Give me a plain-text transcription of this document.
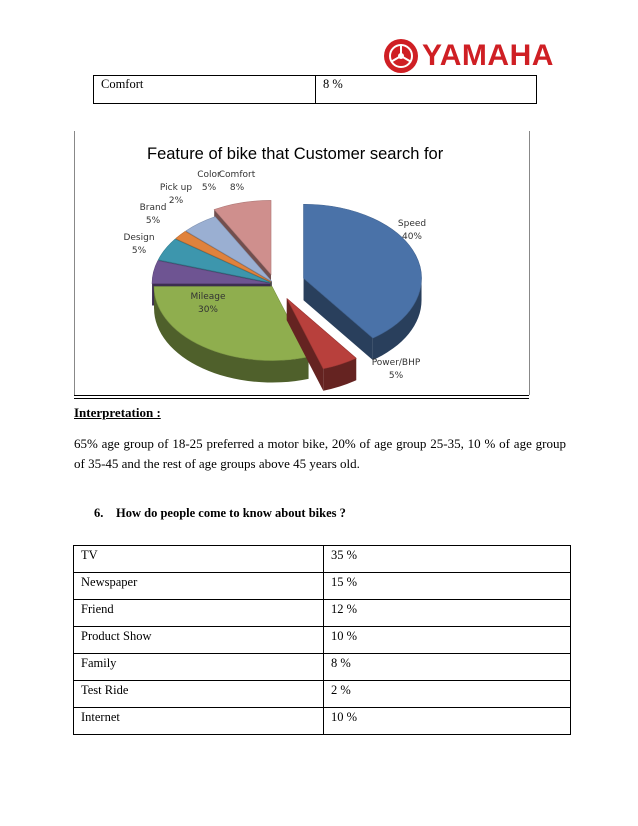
YAMAHA
Comfort	8 %
Feature of bike that Customer search for
Speed 40%
Power/BHP 5%
Mileage 30%
Design 5%
Brand 5%
Pick up 2%
Color 5%
Comfort 8%
Interpretation :
65% age group of 18-25 preferred a motor bike, 20% of age group 25-35, 10 % of age group of 35-45 and the rest of age groups above 45 years old.
6. How do people come to know about bikes ?
TV	35 %
Newspaper	15 %
Friend	12 %
Product Show	10 %
Family	8 %
Test Ride	2 %
Internet	10 %
